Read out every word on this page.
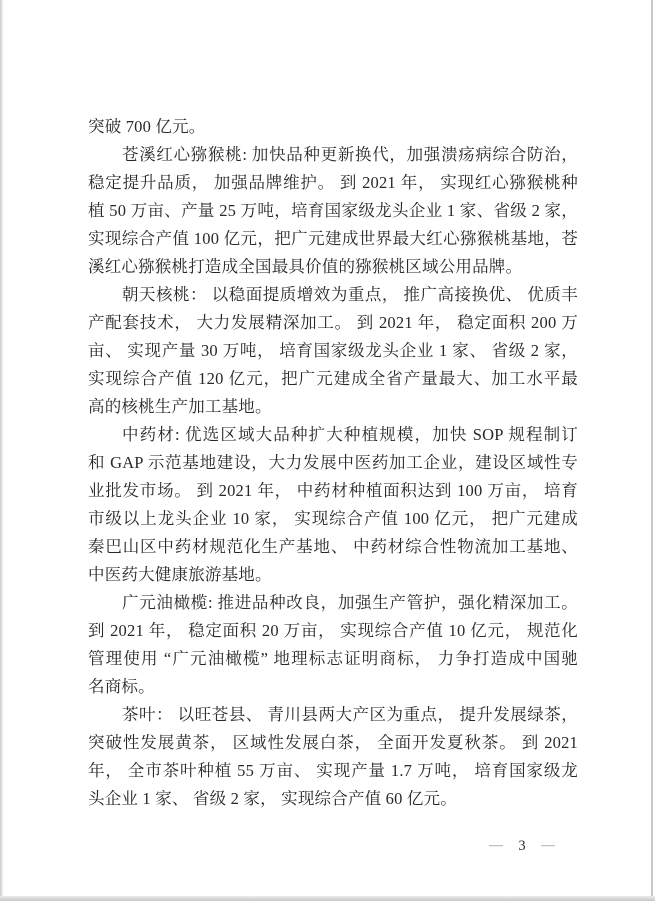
突破 700 亿元。
苍溪红心猕猴桃: 加快品种更新换代，加强溃疡病综合防治，
稳定提升品质， 加强品牌维护。 到 2021 年， 实现红心猕猴桃种
植 50 万亩、产量 25 万吨，培育国家级龙头企业 1 家、省级 2 家，
实现综合产值 100 亿元，把广元建成世界最大红心猕猴桃基地，苍
溪红心猕猴桃打造成全国最具价值的猕猴桃区域公用品牌。
朝天核桃： 以稳面提质增效为重点， 推广高接换优、 优质丰
产配套技术， 大力发展精深加工。 到 2021 年， 稳定面积 200 万
亩、 实现产量 30 万吨， 培育国家级龙头企业 1 家、 省级 2 家，
实现综合产值 120 亿元，把广元建成全省产量最大、加工水平最
高的核桃生产加工基地。
中药材: 优选区域大品种扩大种植规模，加快 SOP 规程制订
和 GAP 示范基地建设，大力发展中医药加工企业，建设区域性专
业批发市场。 到 2021 年， 中药材种植面积达到 100 万亩， 培育
市级以上龙头企业 10 家， 实现综合产值 100 亿元， 把广元建成
秦巴山区中药材规范化生产基地、 中药材综合性物流加工基地、
中医药大健康旅游基地。
广元油橄榄: 推进品种改良，加强生产管护，强化精深加工。
到 2021 年， 稳定面积 20 万亩， 实现综合产值 10 亿元， 规范化
管理使用 “广元油橄榄” 地理标志证明商标， 力争打造成中国驰
名商标。
茶叶： 以旺苍县、 青川县两大产区为重点， 提升发展绿茶，
突破性发展黄茶， 区域性发展白茶， 全面开发夏秋茶。 到 2021
年， 全市茶叶种植 55 万亩、 实现产量 1.7 万吨， 培育国家级龙
头企业 1 家、 省级 2 家， 实现综合产值 60 亿元。
— 3 —
